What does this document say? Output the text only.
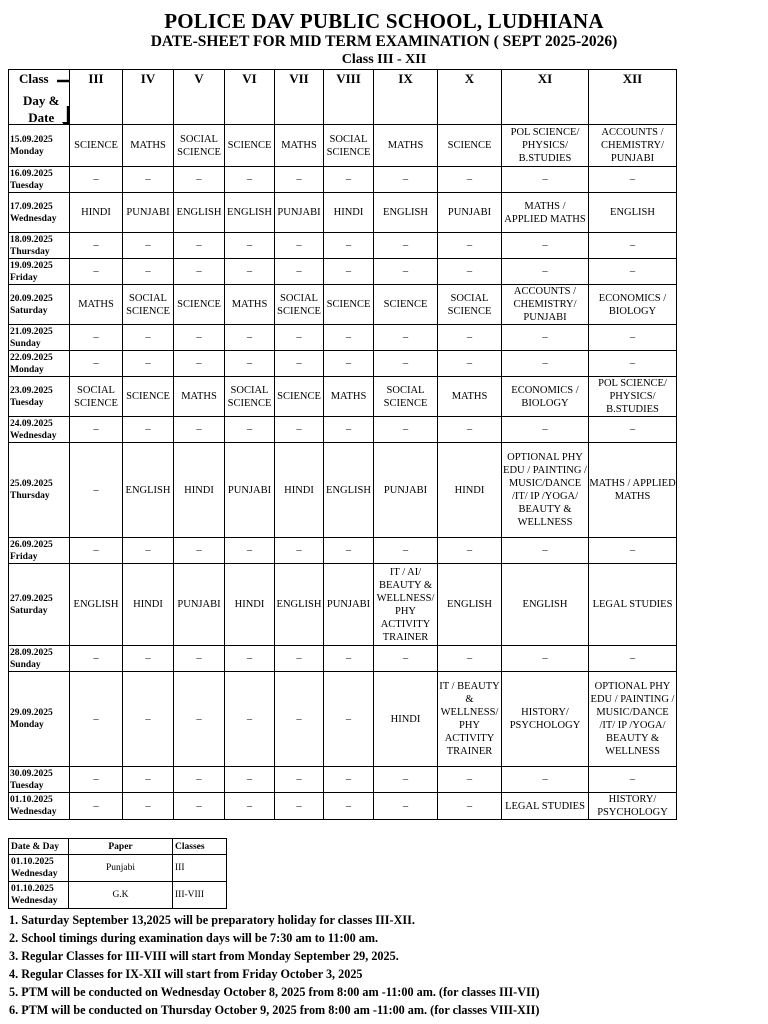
POLICE DAV PUBLIC SCHOOL, LUDHIANA
DATE-SHEET FOR MID TERM EXAMINATION ( SEPT 2025-2026)
Class III - XII
Class
Day &
Date	III	IV	V	VI	VII	VIII	IX	X	XI	XII
15.09.2025
Monday	SCIENCE	MATHS	SOCIAL SCIENCE	SCIENCE	MATHS	SOCIAL SCIENCE	MATHS	SCIENCE	POL SCIENCE/ PHYSICS/ B.STUDIES	ACCOUNTS / CHEMISTRY/ PUNJABI
16.09.2025
Tuesday	–	–	–	–	–	–	–	–	–	–
17.09.2025
Wednesday	HINDI	PUNJABI	ENGLISH	ENGLISH	PUNJABI	HINDI	ENGLISH	PUNJABI	MATHS / APPLIED MATHS	ENGLISH
18.09.2025
Thursday	–	–	–	–	–	–	–	–	–	–
19.09.2025
Friday	–	–	–	–	–	–	–	–	–	–
20.09.2025
Saturday	MATHS	SOCIAL SCIENCE	SCIENCE	MATHS	SOCIAL SCIENCE	SCIENCE	SCIENCE	SOCIAL SCIENCE	ACCOUNTS / CHEMISTRY/ PUNJABI	ECONOMICS / BIOLOGY
21.09.2025
Sunday	–	–	–	–	–	–	–	–	–	–
22.09.2025
Monday	–	–	–	–	–	–	–	–	–	–
23.09.2025
Tuesday	SOCIAL SCIENCE	SCIENCE	MATHS	SOCIAL SCIENCE	SCIENCE	MATHS	SOCIAL SCIENCE	MATHS	ECONOMICS / BIOLOGY	POL SCIENCE/ PHYSICS/ B.STUDIES
24.09.2025
Wednesday	–	–	–	–	–	–	–	–	–	–
25.09.2025
Thursday	–	ENGLISH	HINDI	PUNJABI	HINDI	ENGLISH	PUNJABI	HINDI	OPTIONAL PHY EDU / PAINTING / MUSIC/DANCE /IT/ IP /YOGA/ BEAUTY & WELLNESS	MATHS / APPLIED MATHS
26.09.2025
Friday	–	–	–	–	–	–	–	–	–	–
27.09.2025
Saturday	ENGLISH	HINDI	PUNJABI	HINDI	ENGLISH	PUNJABI	IT / AI/ BEAUTY & WELLNESS/ PHY ACTIVITY TRAINER	ENGLISH	ENGLISH	LEGAL STUDIES
28.09.2025
Sunday	–	–	–	–	–	–	–	–	–	–
29.09.2025
Monday	–	–	–	–	–	–	HINDI	IT / BEAUTY & WELLNESS/ PHY ACTIVITY TRAINER	HISTORY/ PSYCHOLOGY	OPTIONAL PHY EDU / PAINTING / MUSIC/DANCE /IT/ IP /YOGA/ BEAUTY & WELLNESS
30.09.2025
Tuesday	–	–	–	–	–	–	–	–	–	–
01.10.2025
Wednesday	–	–	–	–	–	–	–	–	LEGAL STUDIES	HISTORY/ PSYCHOLOGY
Date & Day	Paper	Classes
01.10.2025
Wednesday	Punjabi	III
01.10.2025
Wednesday	G.K	III-VIII
1. Saturday September 13,2025 will be preparatory holiday for classes III-XII.
2. School timings during examination days will be 7:30 am to 11:00 am.
3. Regular Classes for III-VIII will start from Monday September 29, 2025.
4. Regular Classes for IX-XII will start from Friday October 3, 2025
5. PTM will be conducted on Wednesday October 8, 2025 from 8:00 am -11:00 am. (for classes III-VII)
6. PTM will be conducted on Thursday October 9, 2025 from 8:00 am -11:00 am. (for classes VIII-XII)
